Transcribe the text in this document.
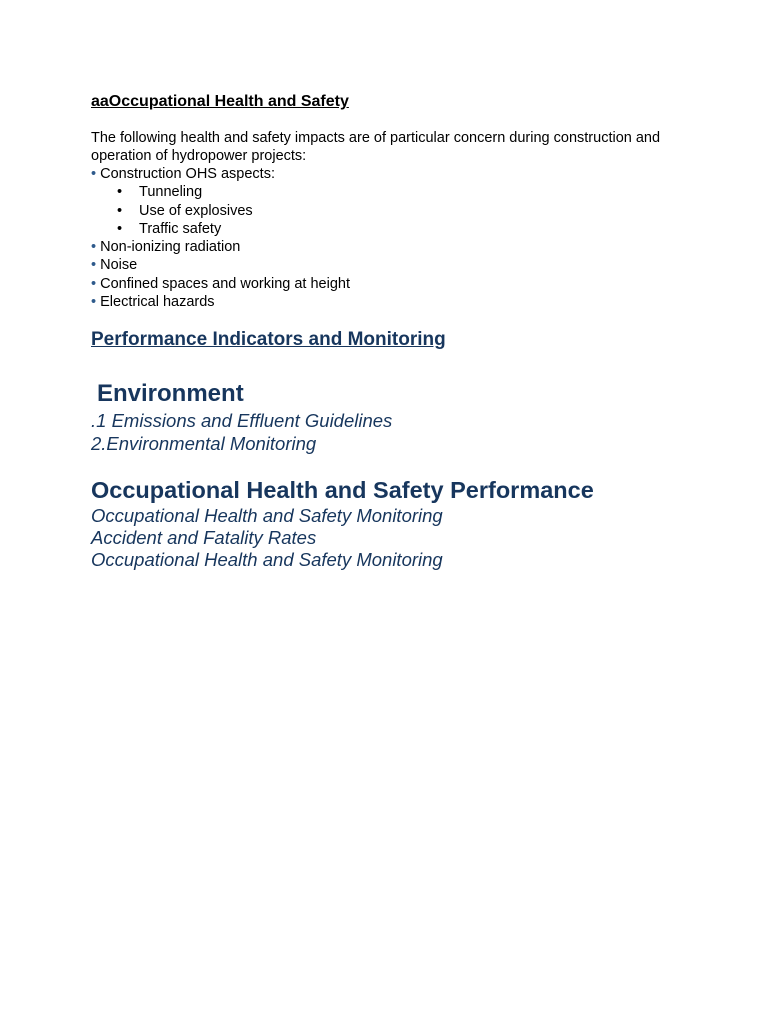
aaOccupational Health and Safety

The following health and safety impacts are of particular concern during construction and operation of hydropower projects:

• Construction OHS aspects:
• Tunneling
• Use of explosives
• Traffic safety
• Non-ionizing radiation
• Noise
• Confined spaces and working at height
• Electrical hazards
Performance Indicators and Monitoring
Environment
.1 Emissions and Effluent Guidelines
2.Environmental Monitoring
Occupational Health and Safety Performance
Occupational Health and Safety Monitoring
Accident and Fatality Rates
Occupational Health and Safety Monitoring
